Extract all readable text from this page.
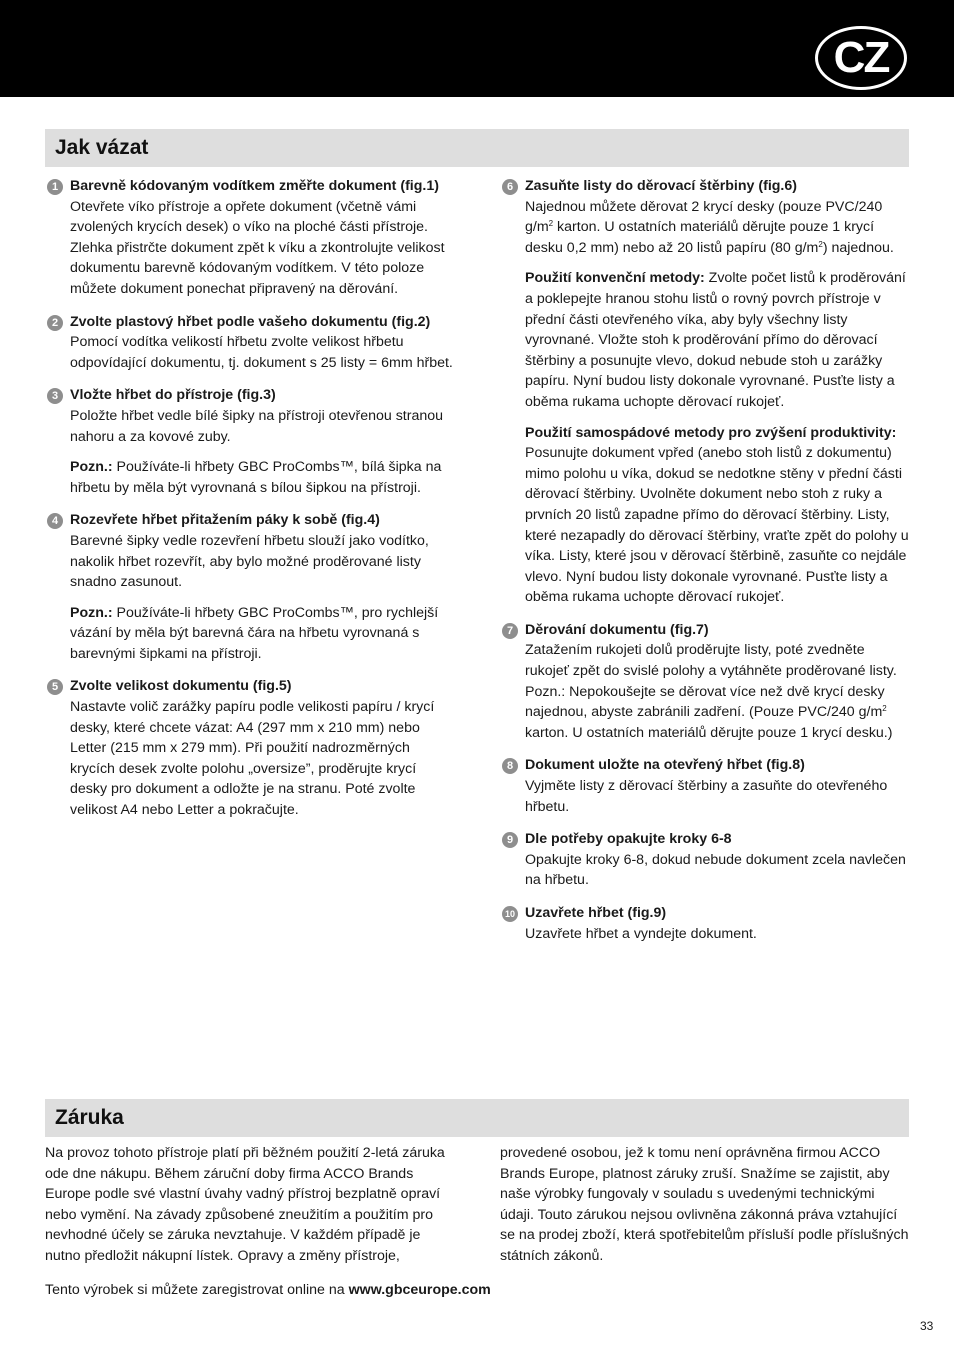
CZ
Jak vázat
1 Barevně kódovaným vodítkem změřte dokument (fig.1)
Otevřete víko přístroje a opřete dokument (včetně vámi zvolených krycích desek) o víko na ploché části přístroje. Zlehka přistrčte dokument zpět k víku a zkontrolujte velikost dokumentu barevně kódovaným vodítkem. V této poloze můžete dokument ponechat připravený na děrování.

2 Zvolte plastový hřbet podle vašeho dokumentu (fig.2)
Pomocí vodítka velikostí hřbetu zvolte velikost hřbetu odpovídající dokumentu, tj. dokument s 25 listy = 6mm hřbet.

3 Vložte hřbet do přístroje (fig.3)
Položte hřbet vedle bílé šipky na přístroji otevřenou stranou nahoru a za kovové zuby.

Pozn.: Používáte-li hřbety GBC ProCombs™, bílá šipka na hřbetu by měla být vyrovnaná s bílou šipkou na přístroji.

4 Rozevřete hřbet přitažením páky k sobě (fig.4)
Barevné šipky vedle rozevření hřbetu slouží jako vodítko, nakolik hřbet rozevřít, aby bylo možné proděrované listy snadno zasunout.

Pozn.: Používáte-li hřbety GBC ProCombs™, pro rychlejší vázání by měla být barevná čára na hřbetu vyrovnaná s barevnými šipkami na přístroji.

5 Zvolte velikost dokumentu (fig.5)
Nastavte volič zarážky papíru podle velikosti papíru / krycí desky, které chcete vázat: A4 (297 mm x 210 mm) nebo Letter (215 mm x 279 mm). Při použití nadrozměrných krycích desek zvolte polohu „oversize”, proděrujte krycí desky pro dokument a odložte je na stranu. Poté zvolte velikost A4 nebo Letter a pokračujte.

6 Zasuňte listy do děrovací štěrbiny (fig.6)
Najednou můžete děrovat 2 krycí desky (pouze PVC/240 $g/m^2$ karton. U ostatních materiálů děrujte pouze 1 krycí desku 0,2 mm) nebo až 20 listů papíru (80 $g/m^2$) najednou.

Použití konvenční metody: Zvolte počet listů k proděrování a poklepejte hranou stohu listů o rovný povrch přístroje v přední části otevřeného víka, aby byly všechny listy vyrovnané. Vložte stoh k proděrování přímo do děrovací štěrbiny a posunujte vlevo, dokud nebude stoh u zarážky papíru. Nyní budou listy dokonale vyrovnané. Pusťte listy a oběma rukama uchopte děrovací rukojeť.

Použití samospádové metody pro zvýšení produktivity: Posunujte dokument vpřed (anebo stoh listů z dokumentu) mimo polohu u víka, dokud se nedotkne stěny v přední části děrovací štěrbiny. Uvolněte dokument nebo stoh z ruky a prvních 20 listů zapadne přímo do děrovací štěrbiny. Listy, které nezapadly do děrovací štěrbiny, vraťte zpět do polohy u víka. Listy, které jsou v děrovací štěrbině, zasuňte co nejdále vlevo. Nyní budou listy dokonale vyrovnané. Pusťte listy a oběma rukama uchopte děrovací rukojeť.

7 Děrování dokumentu (fig.7)
Zatažením rukojeti dolů proděrujte listy, poté zvedněte rukojeť zpět do svislé polohy a vytáhněte proděrované listy. Pozn.: Nepokoušejte se děrovat více než dvě krycí desky najednou, abyste zabránili zadření. (Pouze PVC/240 $g/m^2$ karton. U ostatních materiálů děrujte pouze 1 krycí desku.)

8 Dokument uložte na otevřený hřbet (fig.8)
Vyjměte listy z děrovací štěrbiny a zasuňte do otevřeného hřbetu.

9 Dle potřeby opakujte kroky 6-8
Opakujte kroky 6-8, dokud nebude dokument zcela navlečen na hřbetu.

10 Uzavřete hřbet (fig.9)
Uzavřete hřbet a vyndejte dokument.

Záruka

Na provoz tohoto přístroje platí při běžném použití 2-letá záruka ode dne nákupu. Během záruční doby firma ACCO Brands Europe podle své vlastní úvahy vadný přístroj bezplatně opraví nebo vymění. Na závady způsobené zneužitím a použitím pro nevhodné účely se záruka nevztahuje. V každém případě je nutno předložit nákupní lístek. Opravy a změny přístroje,

provedené osobou, jež k tomu není oprávněna firmou ACCO Brands Europe, platnost záruky zruší. Snažíme se zajistit, aby naše výrobky fungovaly v souladu s uvedenými technickými údaji. Touto zárukou nejsou ovlivněna zákonná práva vztahující se na prodej zboží, která spotřebitelům přísluší podle příslušných státních zákonů.

Tento výrobek si můžete zaregistrovat online na www.gbceurope.com

33
